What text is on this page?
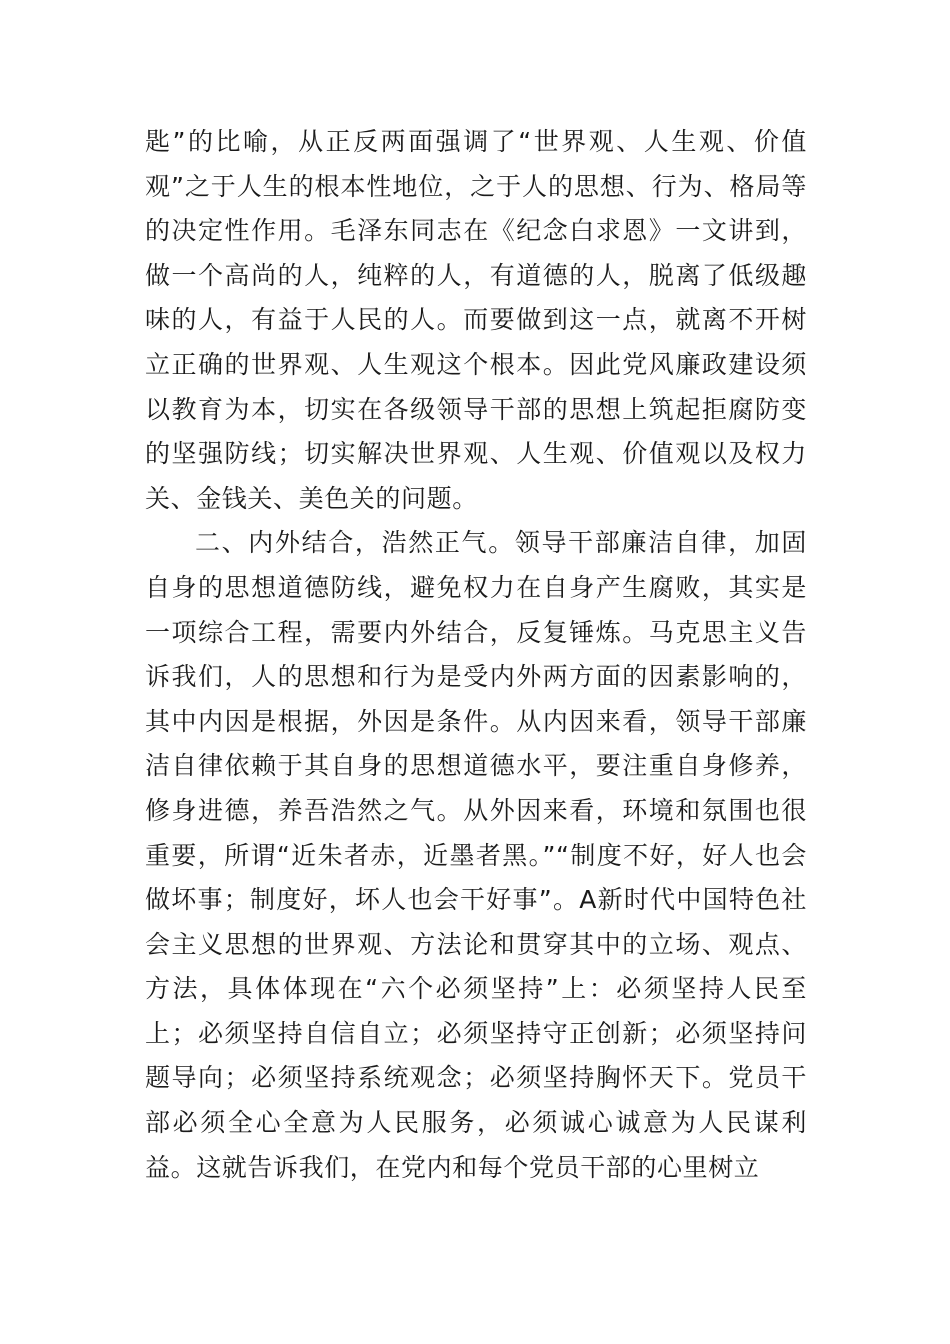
匙”的比喻，从正反两面强调了“世界观、人生观、价值观”之于人生的根本性地位，之于人的思想、行为、格局等的决定性作用。毛泽东同志在《纪念白求恩》一文讲到，做一个高尚的人，纯粹的人，有道德的人，脱离了低级趣味的人，有益于人民的人。而要做到这一点，就离不开树立正确的世界观、人生观这个根本。因此党风廉政建设须以教育为本，切实在各级领导干部的思想上筑起拒腐防变的坚强防线；切实解决世界观、人生观、价值观以及权力关、金钱关、美色关的问题。

二、内外结合，浩然正气。领导干部廉洁自律，加固自身的思想道德防线，避免权力在自身产生腐败，其实是一项综合工程，需要内外结合，反复锤炼。马克思主义告诉我们，人的思想和行为是受内外两方面的因素影响的，其中内因是根据，外因是条件。从内因来看，领导干部廉洁自律依赖于其自身的思想道德水平，要注重自身修养，修身进德，养吾浩然之气。从外因来看，环境和氛围也很重要，所谓“近朱者赤，近墨者黑。”“制度不好，好人也会做坏事；制度好，坏人也会干好事”。A新时代中国特色社会主义思想的世界观、方法论和贯穿其中的立场、观点、方法，具体体现在“六个必须坚持”上：必须坚持人民至上；必须坚持自信自立；必须坚持守正创新；必须坚持问题导向；必须坚持系统观念；必须坚持胸怀天下。党员干部必须全心全意为人民服务，必须诚心诚意为人民谋利益。这就告诉我们，在党内和每个党员干部的心里树立
